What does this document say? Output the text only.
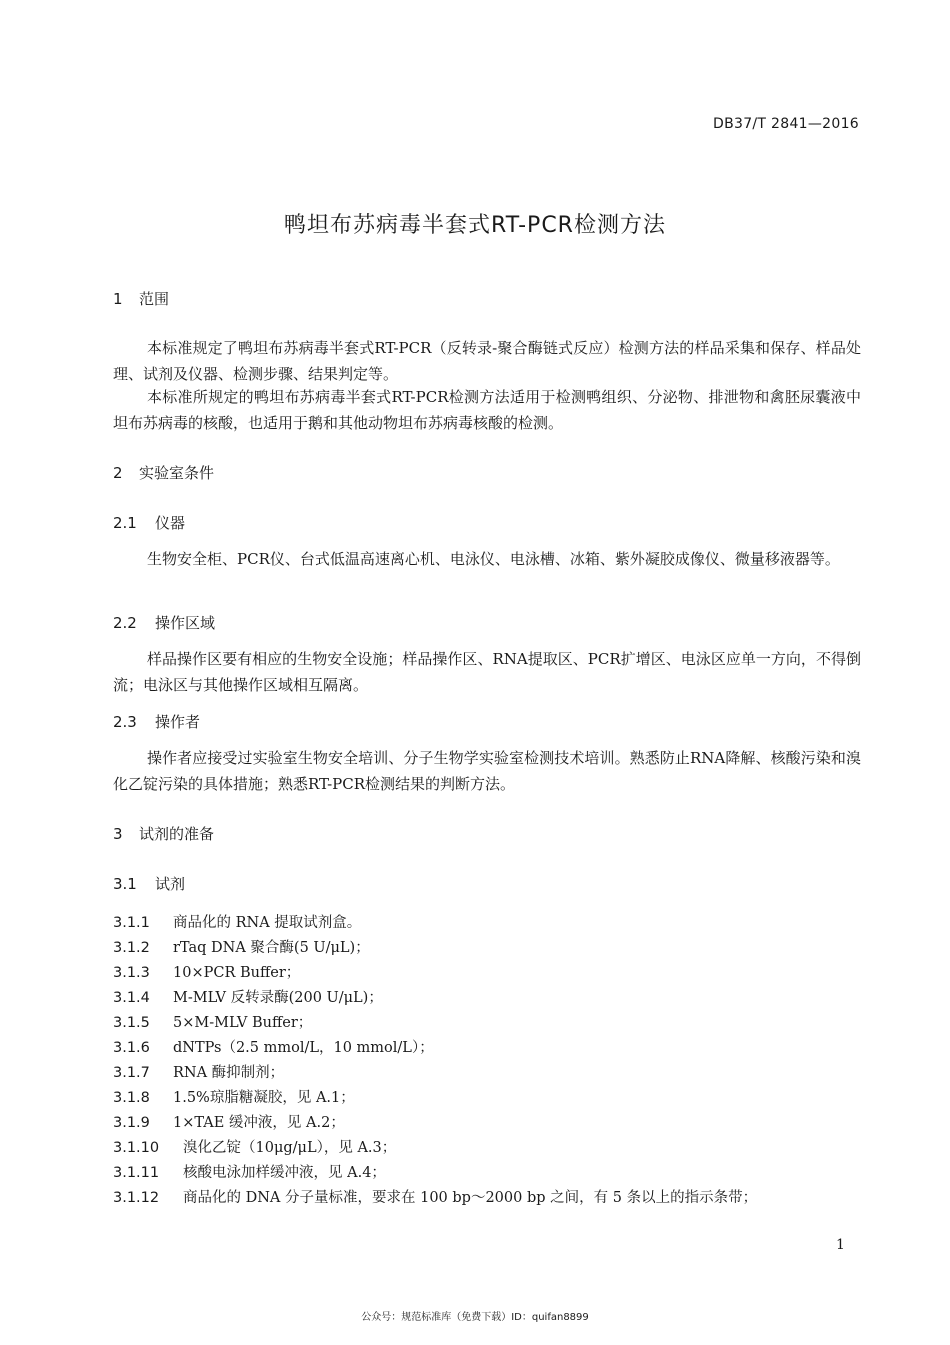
DB37/T 2841—2016
鸭坦布苏病毒半套式RT-PCR检测方法
1 范围

本标准规定了鸭坦布苏病毒半套式RT-PCR（反转录-聚合酶链式反应）检测方法的样品采集和保存、样品处理、试剂及仪器、检测步骤、结果判定等。

本标准所规定的鸭坦布苏病毒半套式RT-PCR检测方法适用于检测鸭组织、分泌物、排泄物和禽胚尿囊液中坦布苏病毒的核酸，也适用于鹅和其他动物坦布苏病毒核酸的检测。

2 实验室条件
2.1 仪器

生物安全柜、PCR仪、台式低温高速离心机、电泳仪、电泳槽、冰箱、紫外凝胶成像仪、微量移液器等。

2.2 操作区域

样品操作区要有相应的生物安全设施；样品操作区、RNA提取区、PCR扩增区、电泳区应单一方向，不得倒流；电泳区与其他操作区域相互隔离。

2.3 操作者

操作者应接受过实验室生物安全培训、分子生物学实验室检测技术培训。熟悉防止RNA降解、核酸污染和溴化乙锭污染的具体措施；熟悉RT-PCR检测结果的判断方法。

3 试剂的准备
3.1 试剂
3.1.1 商品化的 RNA 提取试剂盒。
3.1.2 rTaq DNA 聚合酶(5 U/μL)；
3.1.3 10×PCR Buffer；
3.1.4 M-MLV 反转录酶(200 U/μL)；
3.1.5 5×M-MLV Buffer；
3.1.6 dNTPs（2.5 mmol/L，10 mmol/L）；
3.1.7 RNA 酶抑制剂；
3.1.8 1.5%琼脂糖凝胶，见 A.1；
3.1.9 1×TAE 缓冲液，见 A.2；
3.1.10 溴化乙锭（10μg/μL），见 A.3；
3.1.11 核酸电泳加样缓冲液，见 A.4；
3.1.12 商品化的 DNA 分子量标准，要求在 100 bp～2000 bp 之间，有 5 条以上的指示条带；
1
公众号：规范标准库（免费下载）ID：quifan8899
